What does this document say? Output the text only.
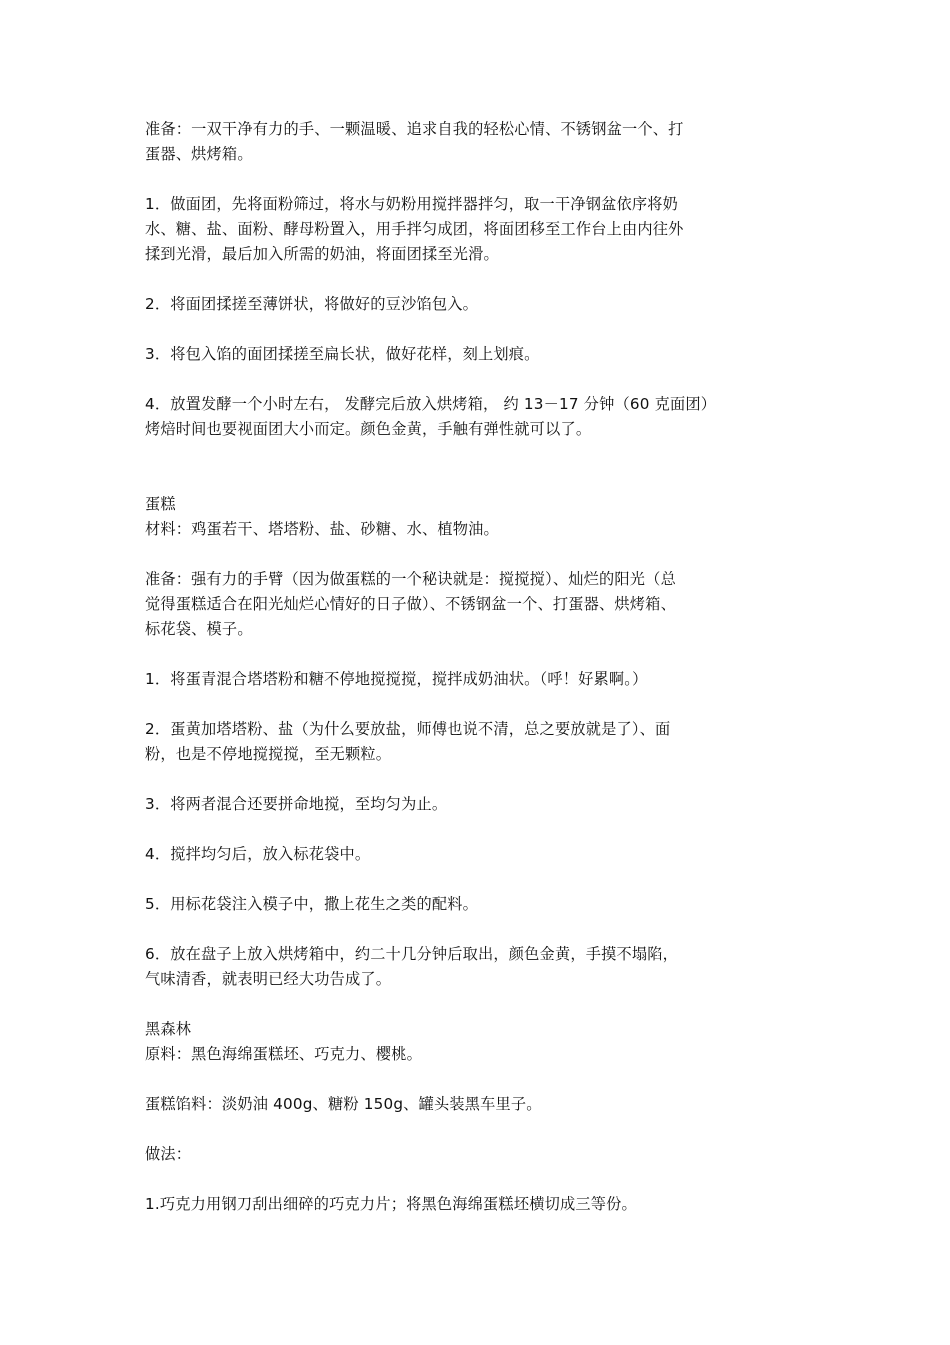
准备：一双干净有力的手、一颗温暖、追求自我的轻松心情、不锈钢盆一个、打
蛋器、烘烤箱。
1．做面团，先将面粉筛过，将水与奶粉用搅拌器拌匀，取一干净钢盆依序将奶
水、糖、盐、面粉、酵母粉置入，用手拌匀成团，将面团移至工作台上由内往外
揉到光滑，最后加入所需的奶油，将面团揉至光滑。
2．将面团揉搓至薄饼状，将做好的豆沙馅包入。
3．将包入馅的面团揉搓至扁长状，做好花样，刻上划痕。
4．放置发酵一个小时左右， 发酵完后放入烘烤箱， 约 13－17 分钟（60 克面团）
烤焙时间也要视面团大小而定。颜色金黄，手触有弹性就可以了。
蛋糕
材料：鸡蛋若干、塔塔粉、盐、砂糖、水、植物油。
准备：强有力的手臂（因为做蛋糕的一个秘诀就是：搅搅搅）、灿烂的阳光（总
觉得蛋糕适合在阳光灿烂心情好的日子做）、不锈钢盆一个、打蛋器、烘烤箱、
标花袋、模子。
1．将蛋青混合塔塔粉和糖不停地搅搅搅，搅拌成奶油状。（呼！好累啊。）
2．蛋黄加塔塔粉、盐（为什么要放盐，师傅也说不清，总之要放就是了）、面
粉，也是不停地搅搅搅，至无颗粒。
3．将两者混合还要拼命地搅，至均匀为止。
4．搅拌均匀后，放入标花袋中。
5．用标花袋注入模子中，撒上花生之类的配料。
6．放在盘子上放入烘烤箱中，约二十几分钟后取出，颜色金黄，手摸不塌陷，
气味清香，就表明已经大功告成了。
黑森林
原料：黑色海绵蛋糕坯、巧克力、樱桃。
蛋糕馅料：淡奶油 400g、糖粉 150g、罐头装黑车里子。
做法：
1.巧克力用钢刀刮出细碎的巧克力片；将黑色海绵蛋糕坯横切成三等份。
